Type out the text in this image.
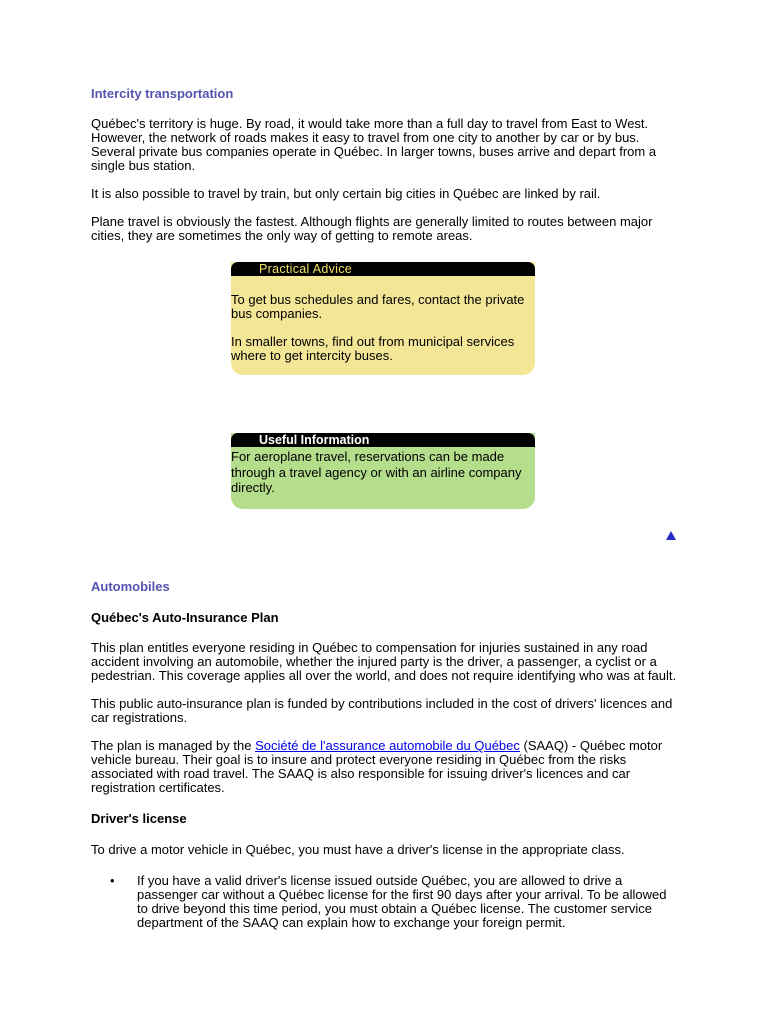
Intercity transportation

Québec's territory is huge. By road, it would take more than a full day to travel from East to West. However, the network of roads makes it easy to travel from one city to another by car or by bus. Several private bus companies operate in Québec. In larger towns, buses arrive and depart from a single bus station.

It is also possible to travel by train, but only certain big cities in Québec are linked by rail.

Plane travel is obviously the fastest. Although flights are generally limited to routes between major cities, they are sometimes the only way of getting to remote areas.

Practical Advice

To get bus schedules and fares, contact the private bus companies.

In smaller towns, find out from municipal services where to get intercity buses.

Useful Information

For aeroplane travel, reservations can be made through a travel agency or with an airline company directly.

Automobiles
Québec's Auto-Insurance Plan

This plan entitles everyone residing in Québec to compensation for injuries sustained in any road accident involving an automobile, whether the injured party is the driver, a passenger, a cyclist or a pedestrian. This coverage applies all over the world, and does not require identifying who was at fault.

This public auto-insurance plan is funded by contributions included in the cost of drivers' licences and car registrations.

The plan is managed by the Société de l'assurance automobile du Québec (SAAQ) - Québec motor vehicle bureau. Their goal is to insure and protect everyone residing in Québec from the risks associated with road travel. The SAAQ is also responsible for issuing driver's licences and car registration certificates.

Driver's license

To drive a motor vehicle in Québec, you must have a driver's license in the appropriate class.

• If you have a valid driver's license issued outside Québec, you are allowed to drive a passenger car without a Québec license for the first 90 days after your arrival. To be allowed to drive beyond this time period, you must obtain a Québec license. The customer service department of the SAAQ can explain how to exchange your foreign permit.
